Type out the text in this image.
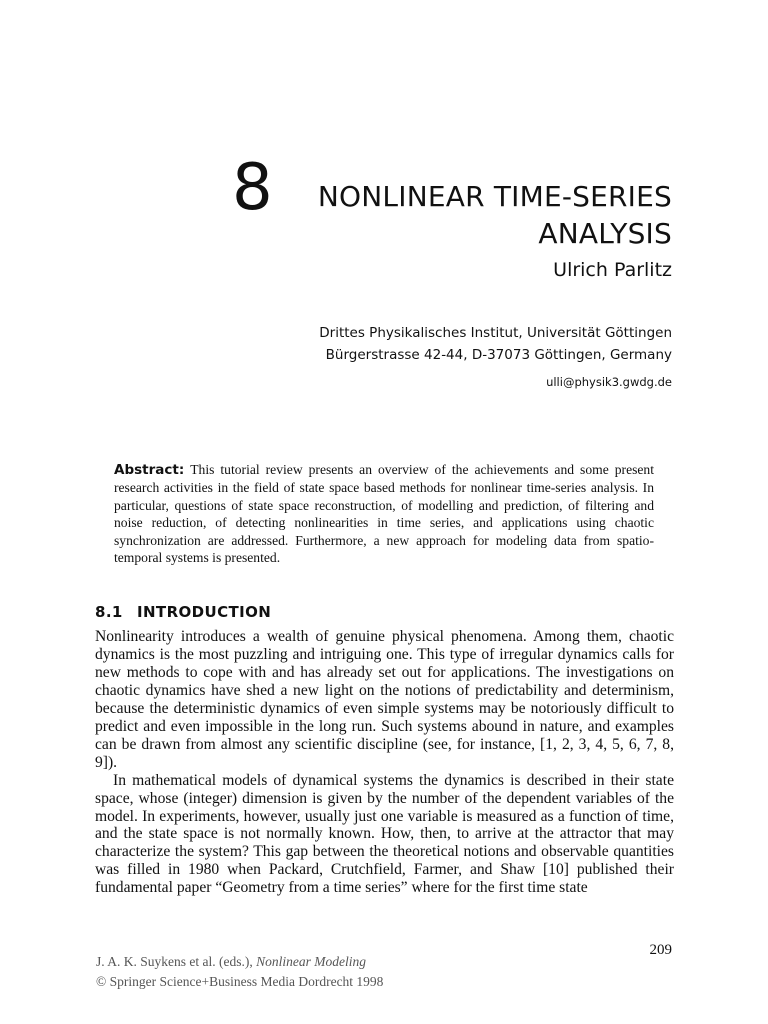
8	NONLINEAR TIME-SERIES
ANALYSIS
Ulrich Parlitz
Drittes Physikalisches Institut, Universität Göttingen
Bürgerstrasse 42-44, D-37073 Göttingen, Germany
ulli@physik3.gwdg.de
Abstract: This tutorial review presents an overview of the achievements and some present research activities in the field of state space based methods for nonlinear time-series analysis. In particular, questions of state space reconstruction, of modelling and prediction, of filtering and noise reduction, of detecting nonlinearities in time series, and applications using chaotic synchronization are addressed. Furthermore, a new approach for modeling data from spatio-temporal systems is presented.
8.1 INTRODUCTION

Nonlinearity introduces a wealth of genuine physical phenomena. Among them, chaotic dynamics is the most puzzling and intriguing one. This type of irregular dynamics calls for new methods to cope with and has already set out for applications. The investigations on chaotic dynamics have shed a new light on the notions of predictability and determinism, because the deterministic dynamics of even simple systems may be notoriously difficult to predict and even impossible in the long run. Such systems abound in nature, and examples can be drawn from almost any scientific discipline (see, for instance, [1, 2, 3, 4, 5, 6, 7, 8, 9]).

In mathematical models of dynamical systems the dynamics is described in their state space, whose (integer) dimension is given by the number of the dependent variables of the model. In experiments, however, usually just one variable is measured as a function of time, and the state space is not normally known. How, then, to arrive at the attractor that may characterize the system? This gap between the theoretical notions and observable quantities was filled in 1980 when Packard, Crutchfield, Farmer, and Shaw [10] published their fundamental paper “Geometry from a time series” where for the first time state

209
J. A. K. Suykens et al. (eds.), Nonlinear Modeling
© Springer Science+Business Media Dordrecht 1998
